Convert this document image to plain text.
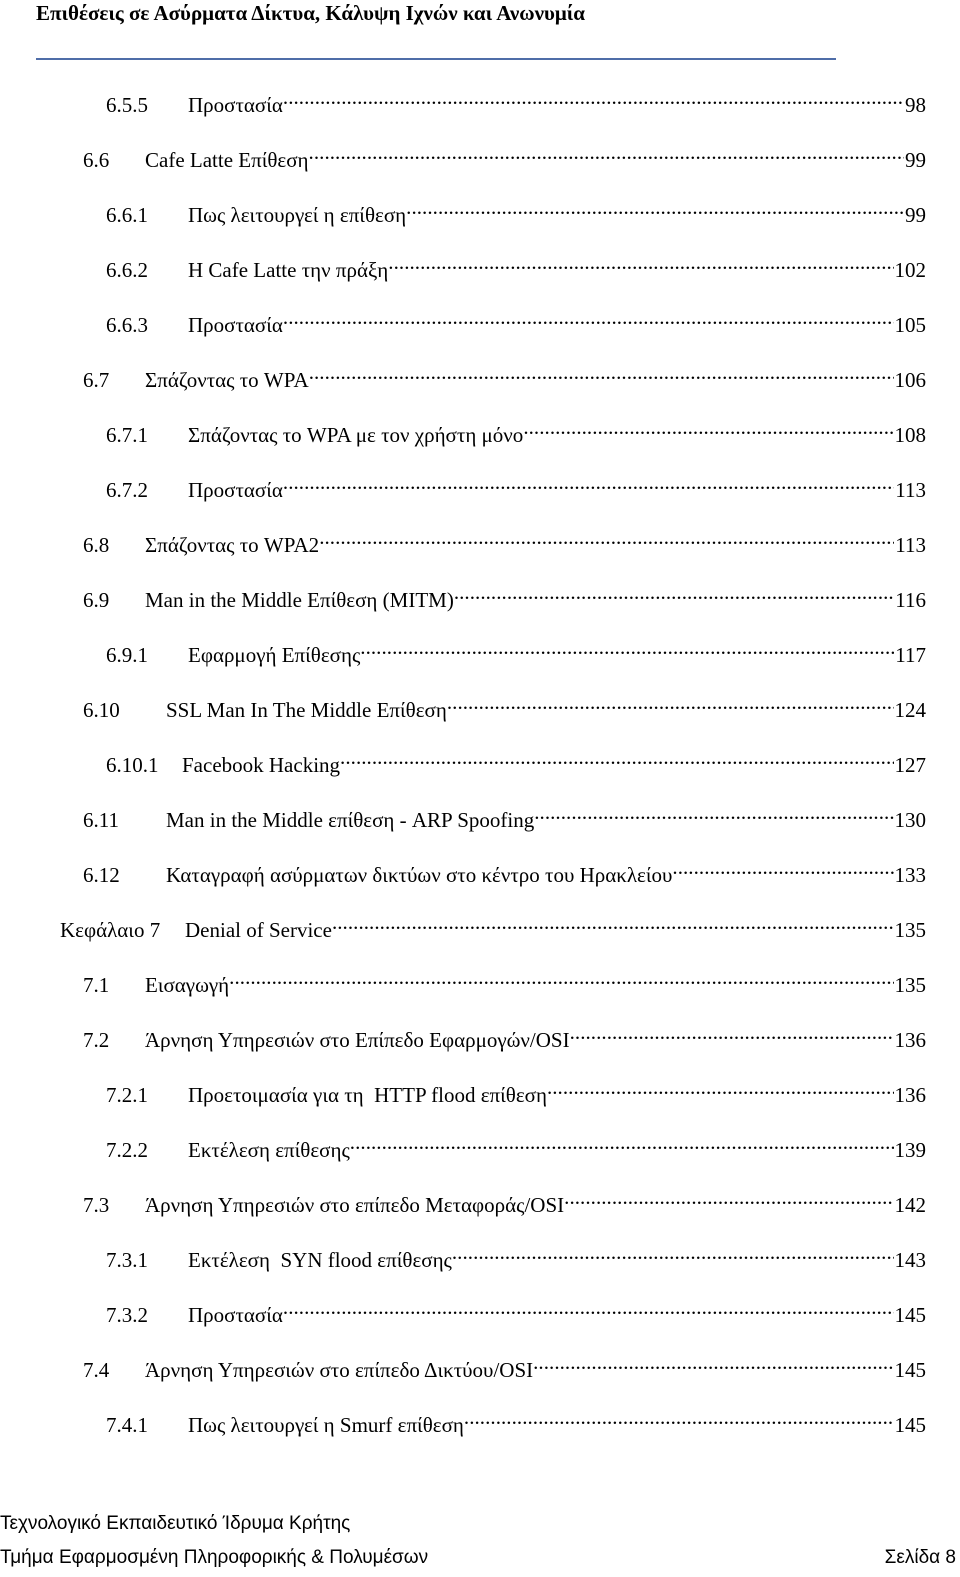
Επιθέσεις σε Ασύρματα Δίκτυα, Κάλυψη Ιχνών και Ανωνυμία
6.5.5	Προστασία . . .	98
6.6	Cafe Latte Επίθεση . . .	99
6.6.1	Πως λειτουργεί η επίθεση . . .	99
6.6.2	Η Cafe Latte την πράξη . . .	102
6.6.3	Προστασία . . .	105
6.7	Σπάζοντας το WPA . . .	106
6.7.1	Σπάζοντας το WPA με τον χρήστη μόνο . . .	108
6.7.2	Προστασία . . .	113
6.8	Σπάζοντας το WPA2 . . .	113
6.9	Man in the Middle Επίθεση (MITM) . . .	116
6.9.1	Εφαρμογή Επίθεσης . . .	117
6.10	SSL Man In The Middle Επίθεση . . .	124
6.10.1	Facebook Hacking . . .	127
6.11	Man in the Middle επίθεση - ARP Spoofing . . .	130
6.12	Καταγραφή ασύρματων δικτύων στο κέντρο του Ηρακλείου . . .	133
Κεφάλαιο 7	Denial of Service . . .	135
7.1	Εισαγωγή . . .	135
7.2	Άρνηση Υπηρεσιών στο Επίπεδο Εφαρμογών/OSI . . .	136
7.2.1	Προετοιμασία για τη  HTTP flood επίθεση . . .	136
7.2.2	Εκτέλεση επίθεσης . . .	139
7.3	Άρνηση Υπηρεσιών στο επίπεδο Μεταφοράς/OSI . . .	142
7.3.1	Εκτέλεση  SYN flood επίθεσης . . .	143
7.3.2	Προστασία . . .	145
7.4	Άρνηση Υπηρεσιών στο επίπεδο Δικτύου/OSI . . .	145
7.4.1	Πως λειτουργεί η Smurf επίθεση . . .	145
Τεχνολογικό Εκπαιδευτικό Ίδρυμα Κρήτης
Τμήμα Εφαρμοσμένη Πληροφορικής & Πολυμέσων	Σελίδα 8
